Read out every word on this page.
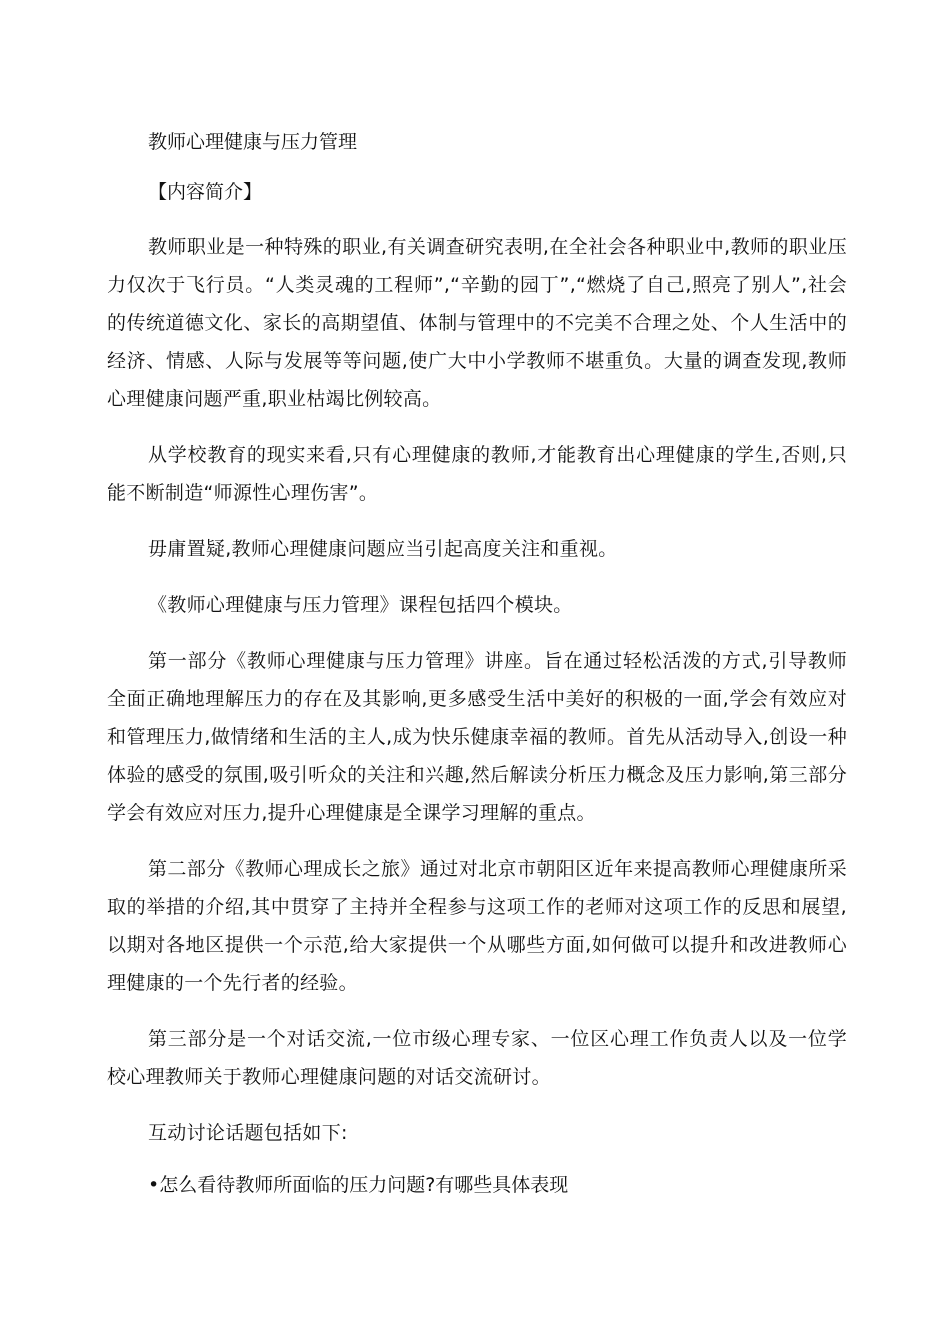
教师心理健康与压力管理

【内容简介】

教师职业是一种特殊的职业,有关调查研究表明,在全社会各种职业中,教师的职业压力仅次于飞行员。“人类灵魂的工程师”,“辛勤的园丁”,“燃烧了自己,照亮了别人”,社会的传统道德文化、家长的高期望值、体制与管理中的不完美不合理之处、个人生活中的经济、情感、人际与发展等等问题,使广大中小学教师不堪重负。大量的调查发现,教师心理健康问题严重,职业枯竭比例较高。

从学校教育的现实来看,只有心理健康的教师,才能教育出心理健康的学生,否则,只能不断制造“师源性心理伤害”。

毋庸置疑,教师心理健康问题应当引起高度关注和重视。

《教师心理健康与压力管理》课程包括四个模块。

第一部分《教师心理健康与压力管理》讲座。旨在通过轻松活泼的方式,引导教师全面正确地理解压力的存在及其影响,更多感受生活中美好的积极的一面,学会有效应对和管理压力,做情绪和生活的主人,成为快乐健康幸福的教师。首先从活动导入,创设一种体验的感受的氛围,吸引听众的关注和兴趣,然后解读分析压力概念及压力影响,第三部分学会有效应对压力,提升心理健康是全课学习理解的重点。

第二部分《教师心理成长之旅》通过对北京市朝阳区近年来提高教师心理健康所采取的举措的介绍,其中贯穿了主持并全程参与这项工作的老师对这项工作的反思和展望,以期对各地区提供一个示范,给大家提供一个从哪些方面,如何做可以提升和改进教师心理健康的一个先行者的经验。

第三部分是一个对话交流,一位市级心理专家、一位区心理工作负责人以及一位学校心理教师关于教师心理健康问题的对话交流研讨。

互动讨论话题包括如下:

•怎么看待教师所面临的压力问题?有哪些具体表现
